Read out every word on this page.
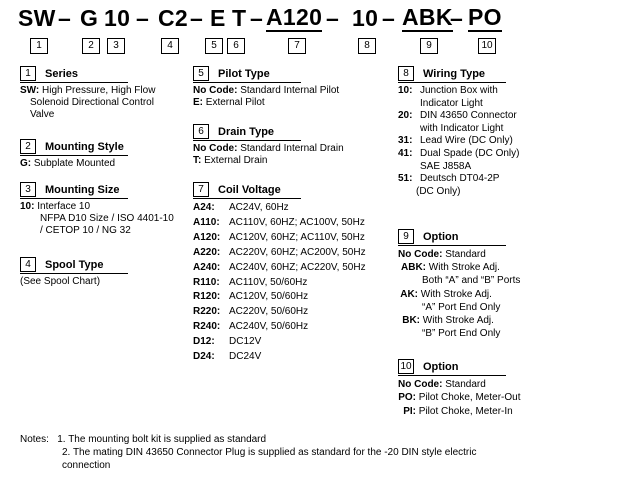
SW – G 10 – C2 – E T – A120 – 10 – ABK
– PO
1	2	3	4	5	6	7	8	9	10
1	Series
SW: High Pressure, High Flow
Solenoid Directional Control
Valve
2	Mounting Style
G: Subplate Mounted
3	Mounting Size
10: Interface 10
NFPA D10 Size / ISO 4401-10
/ CETOP 10 / NG 32
4	Spool Type
(See Spool Chart)
5	Pilot Type
No Code: Standard Internal Pilot
E: External Pilot
6	Drain Type
No Code: Standard Internal Drain
T: External Drain
7	Coil Voltage
A24:	AC24V, 60Hz
A110: AC110V, 60HZ; AC100V, 50Hz
A120: AC120V, 60HZ; AC110V, 50Hz
A220: AC220V, 60HZ; AC200V, 50Hz
A240: AC240V, 60HZ; AC220V, 50Hz
R110: AC110V, 50/60Hz
R120: AC120V, 50/60Hz
R220: AC220V, 50/60Hz
R240: AC240V, 50/60Hz
D12:	DC12V
D24:	DC24V
8	Wiring Type
10: Junction Box with
Indicator Light
20: DIN 43650 Connector
with Indicator Light
31: Lead Wire (DC Only)
41: Dual Spade (DC Only)
SAE J858A
51: Deutsch DT04-2P
(DC Only)
9	Option
No Code:
Standard
ABK:
With Stroke Adj.
Both “A” and “B” Ports
AK:
With Stroke Adj.
“A” Port End Only
BK:
With Stroke Adj.
“B” Port End Only
10 Option
No Code:
Standard
PO:
Pilot Choke, Meter-Out
PI:
Pilot Choke, Meter-In
Notes: 1. The mounting bolt kit is supplied as standard
2. The mating DIN 43650 Connector Plug is supplied as standard for the -20 DIN style electric
connection
